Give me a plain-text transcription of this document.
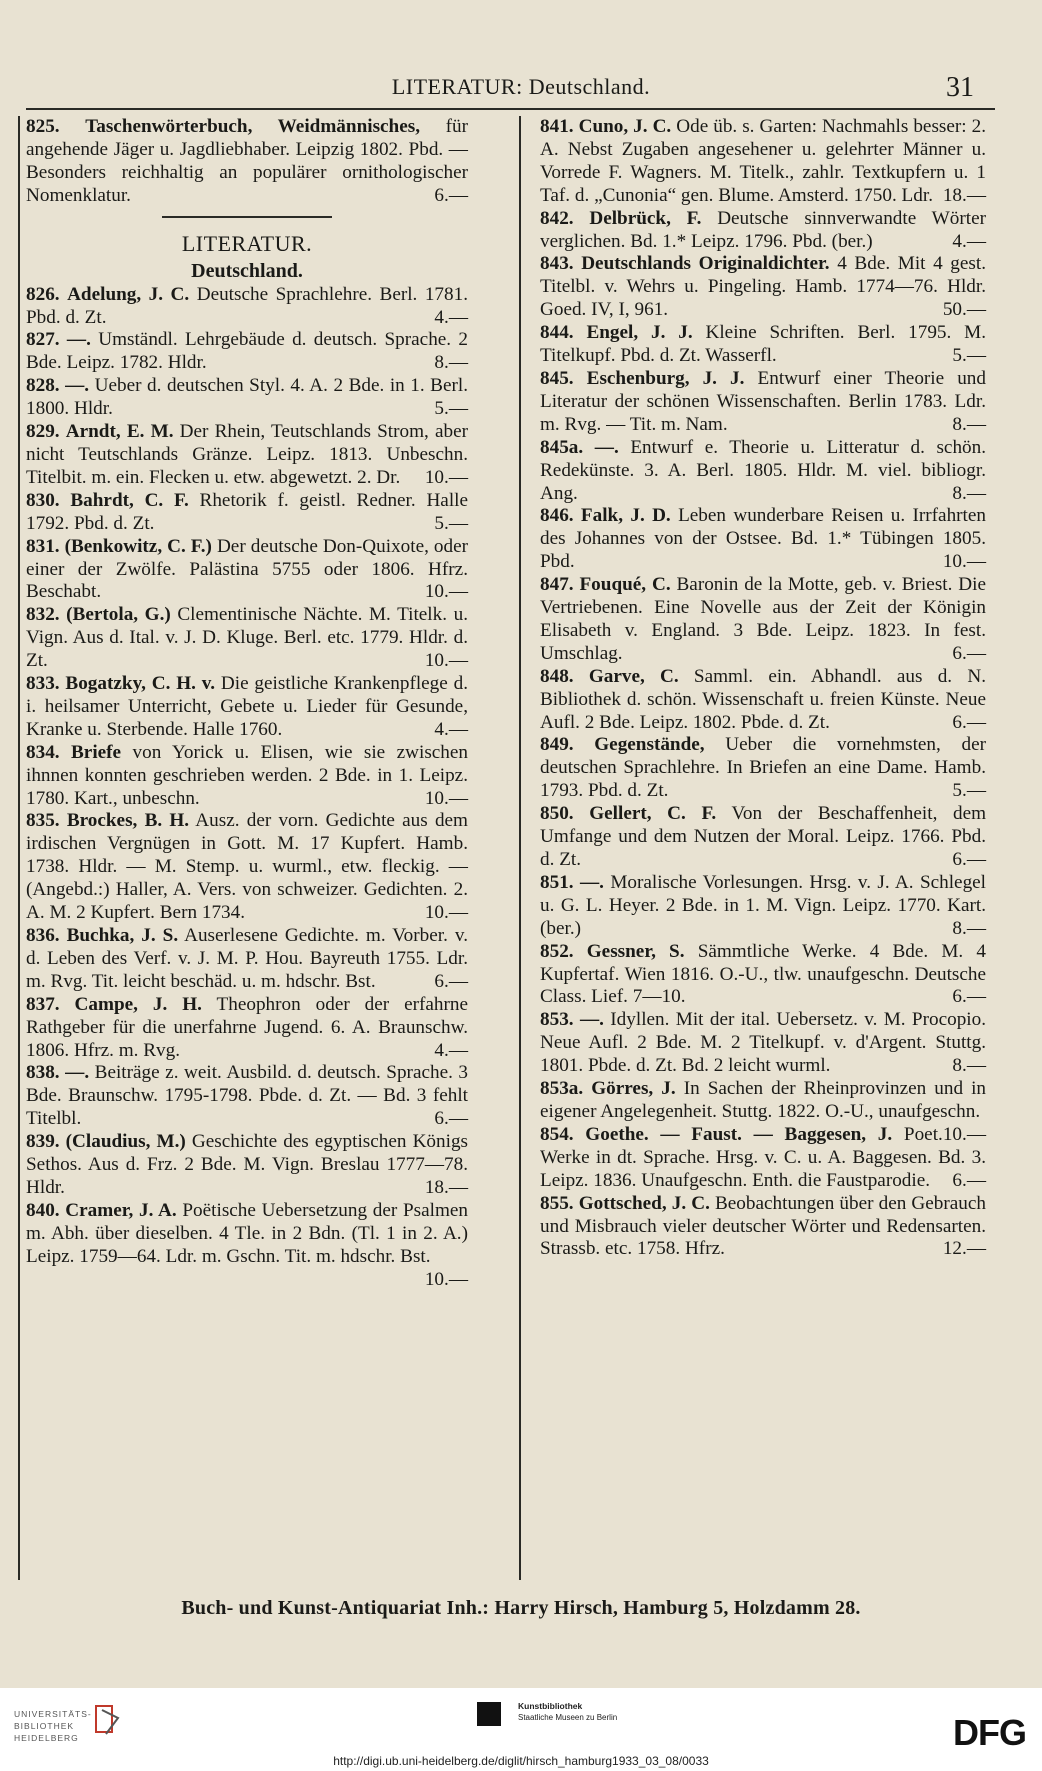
LITERATUR: Deutschland.	31

825. Taschenwörterbuch, Weidmännisches, für angehende Jäger u. Jagdliebhaber. Leipzig 1802. Pbd. — Besonders reichhaltig an populärer ornithologischer Nomenklatur.	6.—

LITERATUR.
Deutschland.

826. Adelung, J. C. Deutsche Sprachlehre. Berl. 1781. Pbd. d. Zt.	4.—

827. —. Umständl. Lehrgebäude d. deutsch. Sprache. 2 Bde. Leipz. 1782. Hldr.	8.—

828. —. Ueber d. deutschen Styl. 4. A. 2 Bde. in 1. Berl. 1800. Hldr.	5.—

829. Arndt, E. M. Der Rhein, Teutschlands Strom, aber nicht Teutschlands Gränze. Leipz. 1813. Unbeschn. Titelbit. m. ein. Flecken u. etw. abgewetzt. 2. Dr. 10.—

830. Bahrdt, C. F. Rhetorik f. geistl. Redner. Halle 1792. Pbd. d. Zt.	5.—

831. (Benkowitz, C. F.) Der deutsche Don-Quixote, oder einer der Zwölfe. Palästina 5755 oder 1806. Hfrz. Beschabt.	10.—

832. (Bertola, G.) Clementinische Nächte. M. Titelk. u. Vign. Aus d. Ital. v. J. D. Kluge. Berl. etc. 1779. Hldr. d. Zt.	10.—

833. Bogatzky, C. H. v. Die geistliche Krankenpflege d. i. heilsamer Unterricht, Gebete u. Lieder für Gesunde, Kranke u. Sterbende. Halle 1760.	4.—

834. Briefe von Yorick u. Elisen, wie sie zwischen ihnnen konnten geschrieben werden. 2 Bde. in 1. Leipz. 1780. Kart., unbeschn.	10.—

835. Brockes, B. H. Ausz. der vorn. Gedichte aus dem irdischen Vergnügen in Gott. M. 17 Kupfert. Hamb. 1738. Hldr. — M. Stemp. u. wurml., etw. fleckig. — (Angebd.:) Haller, A. Vers. von schweizer. Gedichten. 2. A. M. 2 Kupfert. Bern 1734.	10.—

836. Buchka, J. S. Auserlesene Gedichte. m. Vorber. v. d. Leben des Verf. v. J. M. P. Hou. Bayreuth 1755. Ldr. m. Rvg. Tit. leicht beschäd. u. m. hdschr. Bst.	6.—

837. Campe, J. H. Theophron oder der erfahrne Rathgeber für die unerfahrne Jugend. 6. A. Braunschw. 1806. Hfrz. m. Rvg.	4.—

838. —. Beiträge z. weit. Ausbild. d. deutsch. Sprache. 3 Bde. Braunschw. 1795-1798. Pbde. d. Zt. — Bd. 3 fehlt Titelbl.	6.—

839. (Claudius, M.) Geschichte des egyptischen Königs Sethos. Aus d. Frz. 2 Bde. M. Vign. Breslau 1777—78. Hldr.	18.—

840. Cramer, J. A. Poëtische Uebersetzung der Psalmen m. Abh. über dieselben. 4 Tle. in 2 Bdn. (Tl. 1 in 2. A.) Leipz. 1759—64. Ldr. m. Gschn. Tit. m. hdschr. Bst.
10.—

841. Cuno, J. C. Ode üb. s. Garten: Nachmahls besser: 2. A. Nebst Zugaben angesehener u. gelehrter Männer u. Vorrede F. Wagners. M. Titelk., zahlr. Textkupfern u. 1 Taf. d. „Cunonia“ gen. Blume. Amsterd. 1750. Ldr. 18.—

842. Delbrück, F. Deutsche sinnverwandte Wörter verglichen. Bd. 1.* Leipz. 1796. Pbd. (ber.)	4.—

843. Deutschlands Originaldichter. 4 Bde. Mit 4 gest. Titelbl. v. Wehrs u. Pingeling. Hamb. 1774—76. Hldr. Goed. IV, I, 961.	50.—

844. Engel, J. J. Kleine Schriften. Berl. 1795. M. Titelkupf. Pbd. d. Zt. Wasserfl.	5.—

845. Eschenburg, J. J. Entwurf einer Theorie und Literatur der schönen Wissenschaften. Berlin 1783. Ldr. m. Rvg. — Tit. m. Nam.	8.—

845a. —. Entwurf e. Theorie u. Litteratur d. schön. Redekünste. 3. A. Berl. 1805. Hldr. M. viel. bibliogr. Ang.	8.—

846. Falk, J. D. Leben wunderbare Reisen u. Irrfahrten des Johannes von der Ostsee. Bd. 1.* Tübingen 1805. Pbd.	10.—

847. Fouqué, C. Baronin de la Motte, geb. v. Briest. Die Vertriebenen. Eine Novelle aus der Zeit der Königin Elisabeth v. England. 3 Bde. Leipz. 1823. In fest. Umschlag.	6.—

848. Garve, C. Samml. ein. Abhandl. aus d. N. Bibliothek d. schön. Wissenschaft u. freien Künste. Neue Aufl. 2 Bde. Leipz. 1802. Pbde. d. Zt.	6.—

849. Gegenstände, Ueber die vornehmsten, der deutschen Sprachlehre. In Briefen an eine Dame. Hamb. 1793. Pbd. d. Zt.	5.—

850. Gellert, C. F. Von der Beschaffenheit, dem Umfange und dem Nutzen der Moral. Leipz. 1766. Pbd. d. Zt.	6.—

851. —. Moralische Vorlesungen. Hrsg. v. J. A. Schlegel u. G. L. Heyer. 2 Bde. in 1. M. Vign. Leipz. 1770. Kart. (ber.)	8.—

852. Gessner, S. Sämmtliche Werke. 4 Bde. M. 4 Kupfertaf. Wien 1816. O.-U., tlw. unaufgeschn. Deutsche Class. Lief. 7—10.	6.—

853. —. Idyllen. Mit der ital. Uebersetz. v. M. Procopio. Neue Aufl. 2 Bde. M. 2 Titelkupf. v. d'Argent. Stuttg. 1801. Pbde. d. Zt. Bd. 2 leicht wurml.	8.—

853a. Görres, J. In Sachen der Rheinprovinzen und in eigener Angelegenheit. Stuttg. 1822. O.-U., unaufgeschn.
10.—

854. Goethe. — Faust. — Baggesen, J. Poet. Werke in dt. Sprache. Hrsg. v. C. u. A. Baggesen. Bd. 3. Leipz. 1836. Unaufgeschn. Enth. die Faustparodie. 6.—

855. Gottsched, J. C. Beobachtungen über den Gebrauch und Misbrauch vieler deutscher Wörter und Redensarten. Strassb. etc. 1758. Hfrz.	12.—

Buch- und Kunst-Antiquariat Inh.: Harry Hirsch, Hamburg 5, Holzdamm 28.
UNIVERSITÄTS-
BIBLIOTHEK
HEIDELBERG
Kunstbibliothek
Staatliche Museen zu Berlin	DFG
http://digi.ub.uni-heidelberg.de/diglit/hirsch_hamburg1933_03_08/0033
